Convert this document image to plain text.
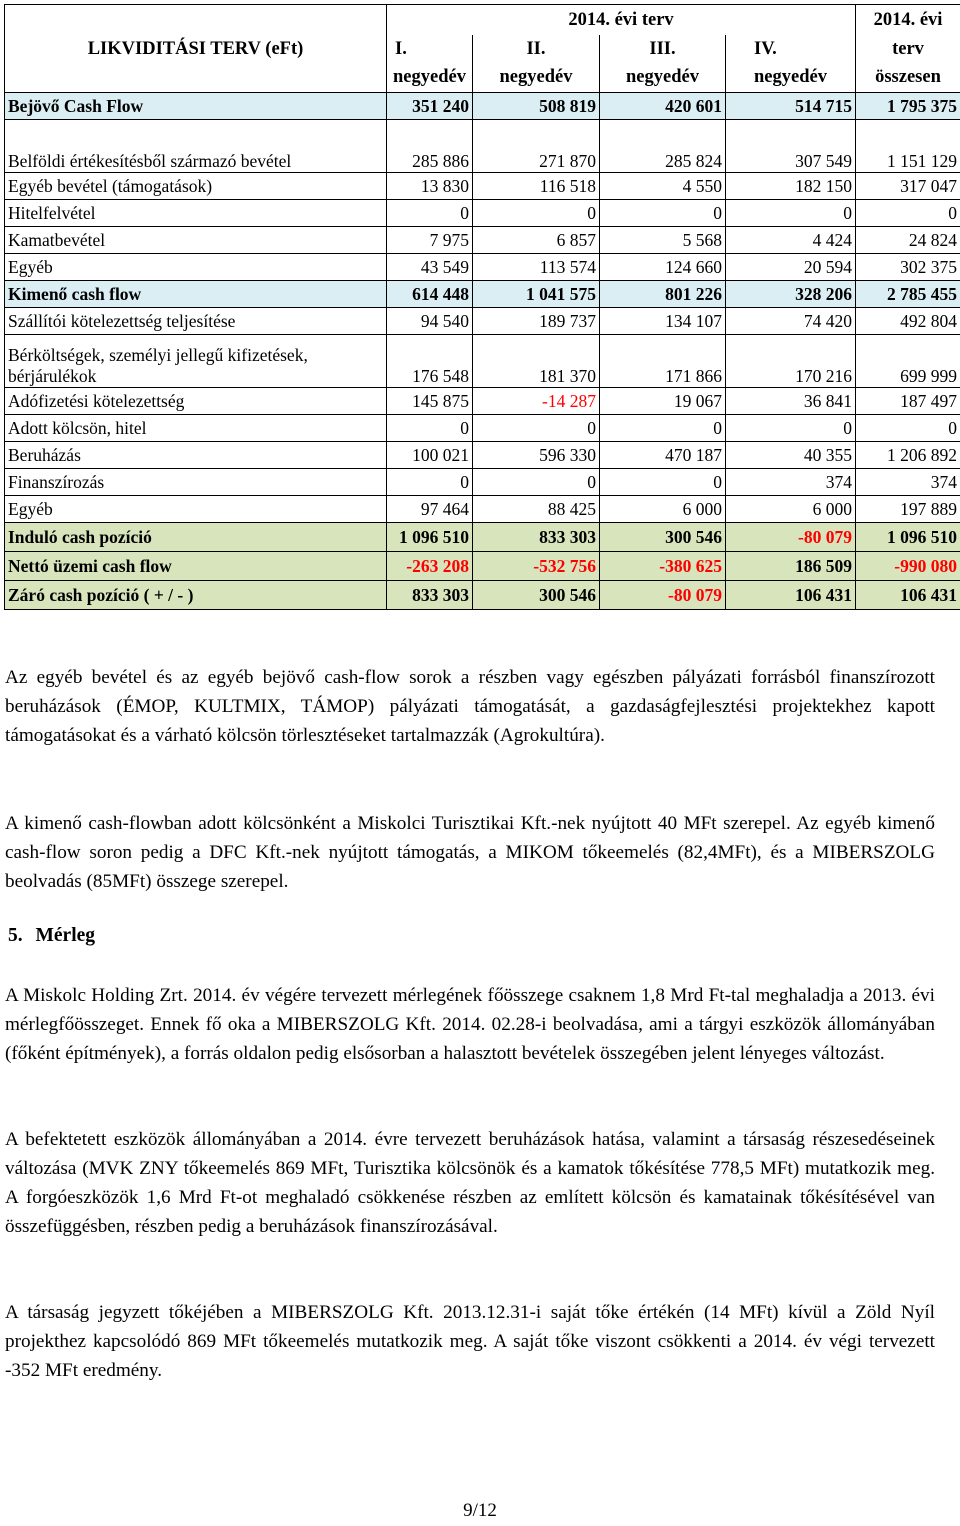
LIKVIDITÁSI TERV (eFt)	2014. évi terv				2014. évi
	I.	II.	III.	IV.	terv
	negyedév	negyedév	negyedév	negyedév	összesen
Bejövő Cash Flow	351 240	508 819	420 601	514 715	1 795 375
Belföldi értékesítésből származó bevétel	285 886	271 870	285 824	307 549	1 151 129
Egyéb bevétel (támogatások)	13 830	116 518	4 550	182 150	317 047
Hitelfelvétel	0	0	0	0	0
Kamatbevétel	7 975	6 857	5 568	4 424	24 824
Egyéb	43 549	113 574	124 660	20 594	302 375
Kimenő cash flow	614 448	1 041 575	801 226	328 206	2 785 455
Szállítói kötelezettség teljesítése	94 540	189 737	134 107	74 420	492 804
Bérköltségek, személyi jellegű kifizetések, bérjárulékok	176 548	181 370	171 866	170 216	699 999
Adófizetési kötelezettség	145 875	-14 287	19 067	36 841	187 497
Adott kölcsön, hitel	0	0	0	0	0
Beruházás	100 021	596 330	470 187	40 355	1 206 892
Finanszírozás	0	0	0	374	374
Egyéb	97 464	88 425	6 000	6 000	197 889
Induló cash pozíció	1 096 510	833 303	300 546	-80 079	1 096 510
Nettó üzemi cash flow	-263 208	-532 756	-380 625	186 509	-990 080
Záró cash pozíció ( + / - )	833 303	300 546	-80 079	106 431	106 431

Az egyéb bevétel és az egyéb bejövő cash-flow sorok a részben vagy egészben pályázati forrásból finanszírozott beruházások (ÉMOP, KULTMIX, TÁMOP) pályázati támogatását, a gazdaságfejlesztési projektekhez kapott támogatásokat és a várható kölcsön törlesztéseket tartalmazzák (Agrokultúra).

A kimenő cash-flowban adott kölcsönként a Miskolci Turisztikai Kft.-nek nyújtott 40 MFt szerepel. Az egyéb kimenő cash-flow soron pedig a DFC Kft.-nek nyújtott támogatás, a MIKOM tőkeemelés (82,4MFt), és a MIBERSZOLG beolvadás (85MFt) összege szerepel.

5. Mérleg

A Miskolc Holding Zrt. 2014. év végére tervezett mérlegének főösszege csaknem 1,8 Mrd Ft-tal meghaladja a 2013. évi mérlegfőösszeget. Ennek fő oka a MIBERSZOLG Kft. 2014. 02.28-i beolvadása, ami a tárgyi eszközök állományában (főként építmények), a forrás oldalon pedig elsősorban a halasztott bevételek összegében jelent lényeges változást.

A befektetett eszközök állományában a 2014. évre tervezett beruházások hatása, valamint a társaság részesedéseinek változása (MVK ZNY tőkeemelés 869 MFt, Turisztika kölcsönök és a kamatok tőkésítése 778,5 MFt) mutatkozik meg. A forgóeszközök 1,6 Mrd Ft-ot meghaladó csökkenése részben az említett kölcsön és kamatainak tőkésítésével van összefüggésben, részben pedig a beruházások finanszírozásával.

A társaság jegyzett tőkéjében a MIBERSZOLG Kft. 2013.12.31-i saját tőke értékén (14 MFt) kívül a Zöld Nyíl projekthez kapcsolódó 869 MFt tőkeemelés mutatkozik meg. A saját tőke viszont csökkenti a 2014. év végi tervezett -352 MFt eredmény.

9/12
